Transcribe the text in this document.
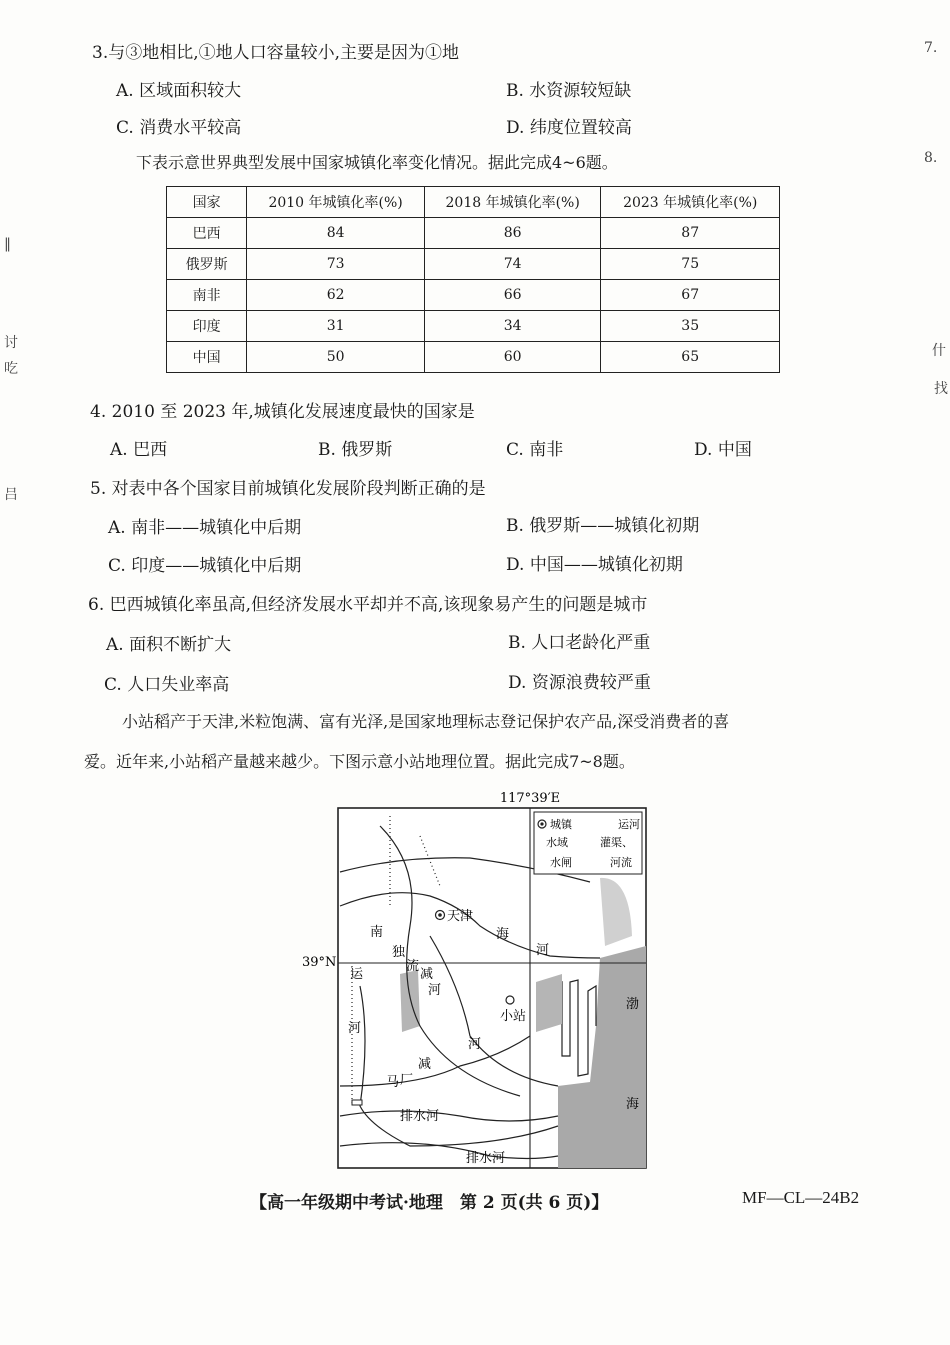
7.
8.
什
找
‖
讨
吃
吕
3.与③地相比,①地人口容量较小,主要是因为①地
A. 区域面积较大	B. 水资源较短缺
C. 消费水平较高	D. 纬度位置较高
下表示意世界典型发展中国家城镇化率变化情况。据此完成4~6题。
国家	2010 年城镇化率(%)	2018 年城镇化率(%)	2023 年城镇化率(%)
巴西	84	86	87
俄罗斯	73	74	75
南非	62	66	67
印度	31	34	35
中国	50	60	65
4. 2010 至 2023 年,城镇化发展速度最快的国家是
A. 巴西	B. 俄罗斯	C. 南非	D. 中国
5. 对表中各个国家目前城镇化发展阶段判断正确的是
A. 南非——城镇化中后期	B. 俄罗斯——城镇化初期
C. 印度——城镇化中后期	D. 中国——城镇化初期
6. 巴西城镇化率虽高,但经济发展水平却并不高,该现象易产生的问题是城市
A. 面积不断扩大	B. 人口老龄化严重
C. 人口失业率高	D. 资源浪费较严重
小站稻产于天津,米粒饱满、富有光泽,是国家地理标志登记保护农产品,深受消费者的喜
爱。近年来,小站稻产量越来越少。下图示意小站地理位置。据此完成7~8题。
117°39′E
39°N
城镇	运河
水域	灌渠、
水闸	河流
天津
小站
海
河
南
独
流
减
河
运
河
河
减
马 厂
排水河
排水河
渤
海
【高一年级期中考试·地理　第 2 页(共 6 页)】	MF—CL—24B2
